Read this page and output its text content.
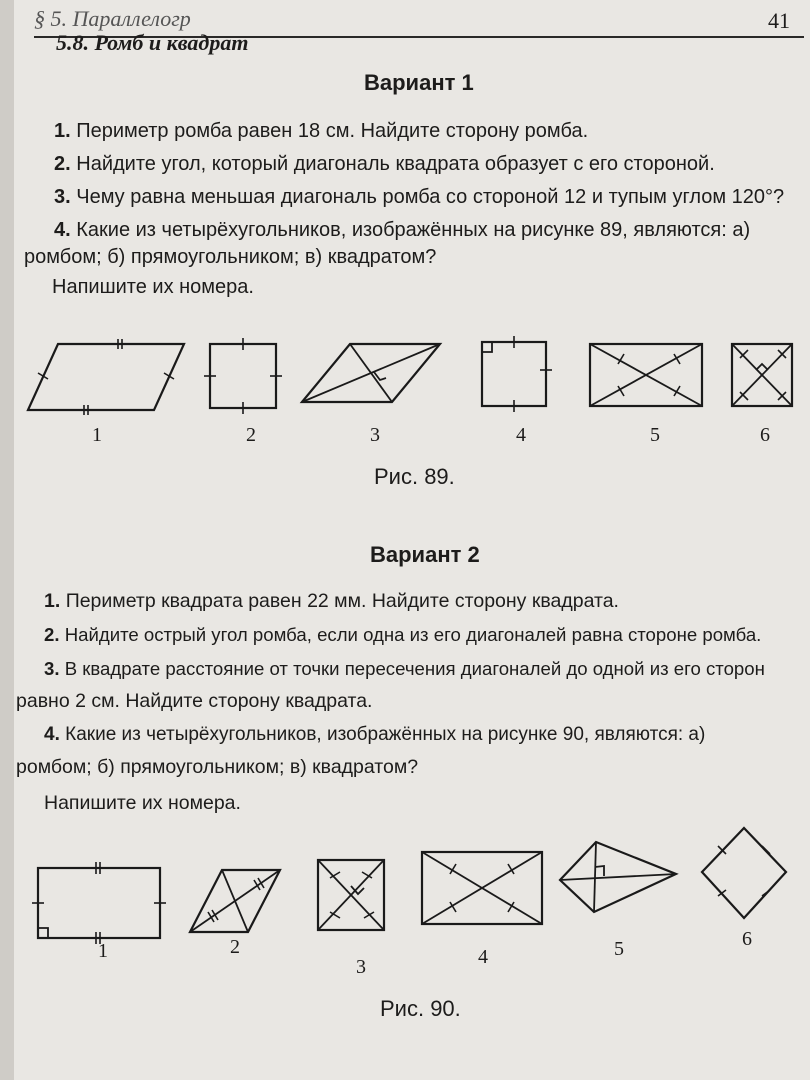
§ 5. Параллелогр	41
5.8. Ромб и квадрат
Вариант 1
1. Периметр ромба равен 18 см. Найдите сторону ромба.
2. Найдите угол, который диагональ квадрата образует с его стороной.
3. Чему равна меньшая диагональ ромба со стороной 12 и тупым углом 120°?
4. Какие из четырёхугольников, изображённых на рисунке 89, являются: а)
ромбом; б) прямоугольником; в) квадратом?
Напишите их номера.
1	2	3	4	5	6
Рис. 89.
Вариант 2
1. Периметр квадрата равен 22 мм. Найдите сторону квадрата.
2. Найдите острый угол ромба, если одна из его диагоналей равна стороне ромба.
3. В квадрате расстояние от точки пересечения диагоналей до одной из его сторон
равно 2 см. Найдите сторону квадрата.
4. Какие из четырёхугольников, изображённых на рисунке 90, являются: а)
ромбом; б) прямоугольником; в) квадратом?
Напишите их номера.
1	2
3	4	5	6
Рис. 90.
